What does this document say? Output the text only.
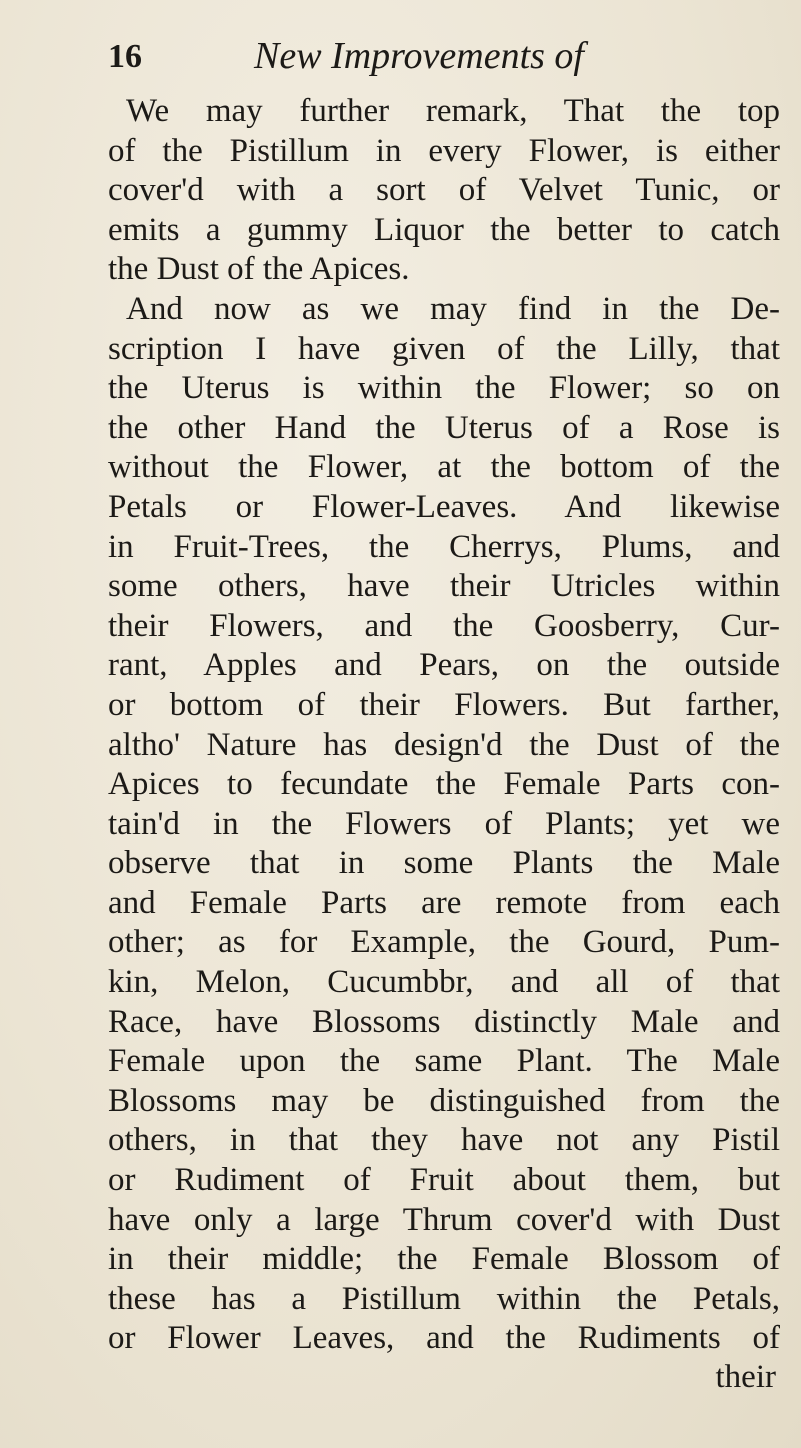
16	New Improvements of
We may further remark, That the top
of the Pistillum in every Flower, is either
cover'd with a sort of Velvet Tunic, or
emits a gummy Liquor the better to catch
the Dust of the Apices.
And now as we may find in the De-
scription I have given of the Lilly, that
the Uterus is within the Flower; so on
the other Hand the Uterus of a Rose is
without the Flower, at the bottom of the
Petals or Flower-Leaves. And likewise
in Fruit-Trees, the Cherrys, Plums, and
some others, have their Utricles within
their Flowers, and the Goosberry, Cur-
rant, Apples and Pears, on the outside
or bottom of their Flowers. But farther,
altho' Nature has design'd the Dust of the
Apices to fecundate the Female Parts con-
tain'd in the Flowers of Plants; yet we
observe that in some Plants the Male
and Female Parts are remote from each
other; as for Example, the Gourd, Pum-
kin, Melon, Cucumbbr, and all of that
Race, have Blossoms distinctly Male and
Female upon the same Plant. The Male
Blossoms may be distinguished from the
others, in that they have not any Pistil
or Rudiment of Fruit about them, but
have only a large Thrum cover'd with Dust
in their middle; the Female Blossom of
these has a Pistillum within the Petals,
or Flower Leaves, and the Rudiments of
their
